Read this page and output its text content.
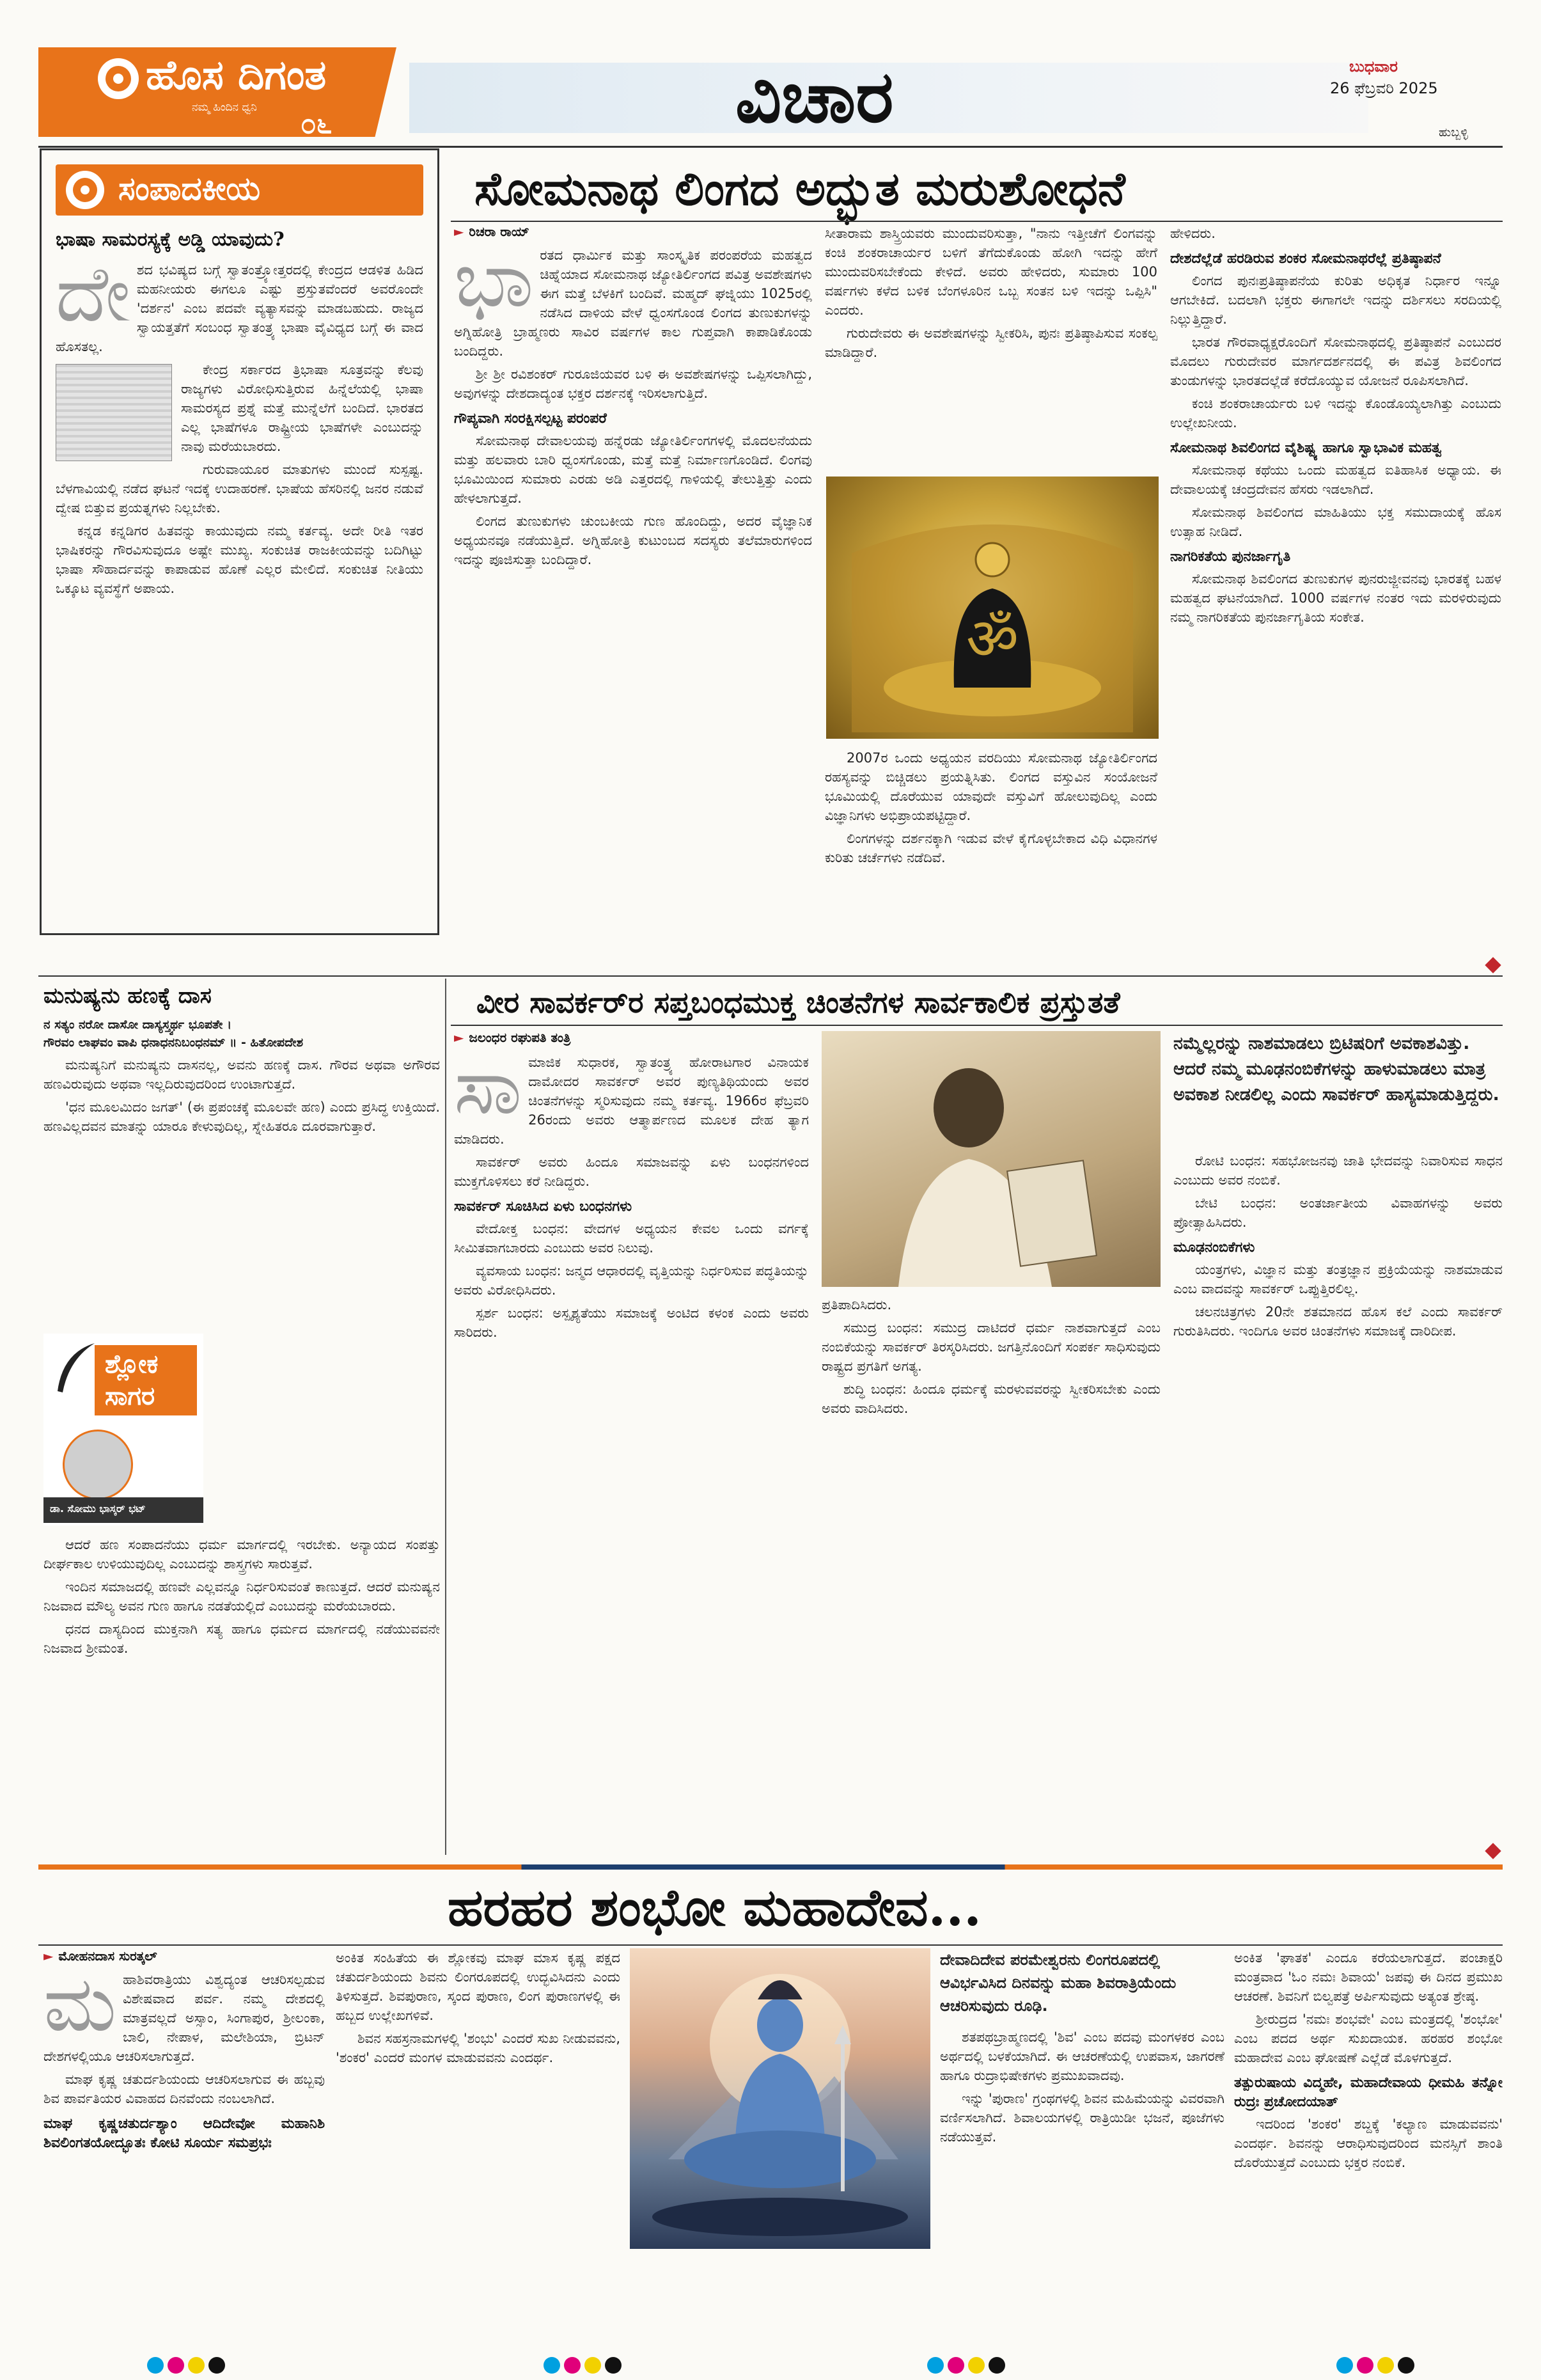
ಹೊಸ ದಿಗಂತ
ನಮ್ಮ ಹಿಂದಿನ ಧ್ವನಿ ೦೬	ವಿಚಾರ	ಬುಧವಾರ
26 ಫೆಬ್ರವರಿ 2025
ಹುಬ್ಬಳ್ಳಿ
ಸಂಪಾದಕೀಯ
ಭಾಷಾ ಸಾಮರಸ್ಯಕ್ಕೆ ಅಡ್ಡಿ ಯಾವುದು?
ದೇ ಶದ ಭವಿಷ್ಯದ ಬಗ್ಗೆ ಸ್ವಾತಂತ್ರ್ಯೋತ್ತರದಲ್ಲಿ ಕೇಂದ್ರದ ಆಡಳಿತ ಹಿಡಿದ ಮಹನೀಯರು ಈಗಲೂ ಎಷ್ಟು ಪ್ರಸ್ತುತವೆಂದರೆ ಅವರೊಂದೇ 'ದರ್ಶನ' ಎಂಬ ಪದವೇ ವ್ಯತ್ಯಾಸವನ್ನು ಮಾಡಬಹುದು. ರಾಜ್ಯದ ಸ್ವಾಯತ್ತತೆಗೆ ಸಂಬಂಧ ಸ್ವಾತಂತ್ರ್ಯ ಭಾಷಾ ವೈವಿಧ್ಯದ ಬಗ್ಗೆ ಈ ವಾದ ಹೊಸತಲ್ಲ.

ಕೇಂದ್ರ ಸರ್ಕಾರದ ತ್ರಿಭಾಷಾ ಸೂತ್ರವನ್ನು ಕೆಲವು ರಾಜ್ಯಗಳು ವಿರೋಧಿಸುತ್ತಿರುವ ಹಿನ್ನೆಲೆಯಲ್ಲಿ ಭಾಷಾ ಸಾಮರಸ್ಯದ ಪ್ರಶ್ನೆ ಮತ್ತೆ ಮುನ್ನೆಲೆಗೆ ಬಂದಿದೆ. ಭಾರತದ ಎಲ್ಲ ಭಾಷೆಗಳೂ ರಾಷ್ಟ್ರೀಯ ಭಾಷೆಗಳೇ ಎಂಬುದನ್ನು ನಾವು ಮರೆಯಬಾರದು.

ಗುರುವಾಯೂರ ಮಾತುಗಳು ಮುಂದೆ ಸುಸ್ಪಷ್ಟ. ಬೆಳಗಾವಿಯಲ್ಲಿ ನಡೆದ ಘಟನೆ ಇದಕ್ಕೆ ಉದಾಹರಣೆ. ಭಾಷೆಯ ಹೆಸರಿನಲ್ಲಿ ಜನರ ನಡುವೆ ದ್ವೇಷ ಬಿತ್ತುವ ಪ್ರಯತ್ನಗಳು ನಿಲ್ಲಬೇಕು.

ಕನ್ನಡ ಕನ್ನಡಿಗರ ಹಿತವನ್ನು ಕಾಯುವುದು ನಮ್ಮ ಕರ್ತವ್ಯ. ಅದೇ ರೀತಿ ಇತರ ಭಾಷಿಕರನ್ನು ಗೌರವಿಸುವುದೂ ಅಷ್ಟೇ ಮುಖ್ಯ. ಸಂಕುಚಿತ ರಾಜಕೀಯವನ್ನು ಬದಿಗಿಟ್ಟು ಭಾಷಾ ಸೌಹಾರ್ದವನ್ನು ಕಾಪಾಡುವ ಹೊಣೆ ಎಲ್ಲರ ಮೇಲಿದೆ. ಸಂಕುಚಿತ ನೀತಿಯು ಒಕ್ಕೂಟ ವ್ಯವಸ್ಥೆಗೆ ಅಪಾಯ.

ಸೋಮನಾಥ ಲಿಂಗದ ಅದ್ಭುತ ಮರುಶೋಧನೆ
► ರಿಚರಾ ರಾಯ್
ಭಾ ರತದ ಧಾರ್ಮಿಕ ಮತ್ತು ಸಾಂಸ್ಕೃತಿಕ ಪರಂಪರೆಯ ಮಹತ್ವದ ಚಿಹ್ನೆಯಾದ ಸೋಮನಾಥ ಜ್ಯೋತಿರ್ಲಿಂಗದ ಪವಿತ್ರ ಅವಶೇಷಗಳು ಈಗ ಮತ್ತೆ ಬೆಳಕಿಗೆ ಬಂದಿವೆ. ಮಹ್ಮದ್ ಘಜ್ನಿಯು 1025ರಲ್ಲಿ ನಡೆಸಿದ ದಾಳಿಯ ವೇಳೆ ಧ್ವಂಸಗೊಂಡ ಲಿಂಗದ ತುಣುಕುಗಳನ್ನು ಅಗ್ನಿಹೋತ್ರಿ ಬ್ರಾಹ್ಮಣರು ಸಾವಿರ ವರ್ಷಗಳ ಕಾಲ ಗುಪ್ತವಾಗಿ ಕಾಪಾಡಿಕೊಂಡು ಬಂದಿದ್ದರು.

ಶ್ರೀ ಶ್ರೀ ರವಿಶಂಕರ್ ಗುರೂಜಿಯವರ ಬಳಿ ಈ ಅವಶೇಷಗಳನ್ನು ಒಪ್ಪಿಸಲಾಗಿದ್ದು, ಅವುಗಳನ್ನು ದೇಶದಾದ್ಯಂತ ಭಕ್ತರ ದರ್ಶನಕ್ಕೆ ಇರಿಸಲಾಗುತ್ತಿದೆ.

ಗೌಪ್ಯವಾಗಿ ಸಂರಕ್ಷಿಸಲ್ಪಟ್ಟ ಪರಂಪರೆ

ಸೋಮನಾಥ ದೇವಾಲಯವು ಹನ್ನೆರಡು ಜ್ಯೋತಿರ್ಲಿಂಗಗಳಲ್ಲಿ ಮೊದಲನೆಯದು ಮತ್ತು ಹಲವಾರು ಬಾರಿ ಧ್ವಂಸಗೊಂಡು, ಮತ್ತೆ ಮತ್ತೆ ನಿರ್ಮಾಣಗೊಂಡಿದೆ. ಲಿಂಗವು ಭೂಮಿಯಿಂದ ಸುಮಾರು ಎರಡು ಅಡಿ ಎತ್ತರದಲ್ಲಿ ಗಾಳಿಯಲ್ಲಿ ತೇಲುತ್ತಿತ್ತು ಎಂದು ಹೇಳಲಾಗುತ್ತದೆ.

ಲಿಂಗದ ತುಣುಕುಗಳು ಚುಂಬಕೀಯ ಗುಣ ಹೊಂದಿದ್ದು, ಅದರ ವೈಜ್ಞಾನಿಕ ಅಧ್ಯಯನವೂ ನಡೆಯುತ್ತಿದೆ. ಅಗ್ನಿಹೋತ್ರಿ ಕುಟುಂಬದ ಸದಸ್ಯರು ತಲೆಮಾರುಗಳಿಂದ ಇದನ್ನು ಪೂಜಿಸುತ್ತಾ ಬಂದಿದ್ದಾರೆ.

ಸೀತಾರಾಮ ಶಾಸ್ತ್ರಿಯವರು ಮುಂದುವರಿಸುತ್ತಾ, "ನಾನು ಇತ್ತೀಚೆಗೆ ಲಿಂಗವನ್ನು ಕಂಚಿ ಶಂಕರಾಚಾರ್ಯರ ಬಳಿಗೆ ತೆಗೆದುಕೊಂಡು ಹೋಗಿ ಇದನ್ನು ಹೇಗೆ ಮುಂದುವರಿಸಬೇಕೆಂದು ಕೇಳಿದೆ. ಅವರು ಹೇಳಿದರು, ಸುಮಾರು 100 ವರ್ಷಗಳು ಕಳೆದ ಬಳಿಕ ಬೆಂಗಳೂರಿನ ಒಬ್ಬ ಸಂತನ ಬಳಿ ಇದನ್ನು ಒಪ್ಪಿಸಿ" ಎಂದರು.

ಗುರುದೇವರು ಈ ಅವಶೇಷಗಳನ್ನು ಸ್ವೀಕರಿಸಿ, ಪುನಃ ಪ್ರತಿಷ್ಠಾಪಿಸುವ ಸಂಕಲ್ಪ ಮಾಡಿದ್ದಾರೆ.

ॐ

2007ರ ಒಂದು ಅಧ್ಯಯನ ವರದಿಯು ಸೋಮನಾಥ ಜ್ಯೋತಿರ್ಲಿಂಗದ ರಹಸ್ಯವನ್ನು ಬಿಚ್ಚಿಡಲು ಪ್ರಯತ್ನಿಸಿತು. ಲಿಂಗದ ವಸ್ತುವಿನ ಸಂಯೋಜನೆ ಭೂಮಿಯಲ್ಲಿ ದೊರೆಯುವ ಯಾವುದೇ ವಸ್ತುವಿಗೆ ಹೋಲುವುದಿಲ್ಲ ಎಂದು ವಿಜ್ಞಾನಿಗಳು ಅಭಿಪ್ರಾಯಪಟ್ಟಿದ್ದಾರೆ.

ಲಿಂಗಗಳನ್ನು ದರ್ಶನಕ್ಕಾಗಿ ಇಡುವ ವೇಳೆ ಕೈಗೊಳ್ಳಬೇಕಾದ ವಿಧಿ ವಿಧಾನಗಳ ಕುರಿತು ಚರ್ಚೆಗಳು ನಡೆದಿವೆ.

ಹೇಳಿದರು.

ದೇಶದೆಲ್ಲೆಡೆ ಹರಡಿರುವ ಶಂಕರ ಸೋಮನಾಥರೆಲ್ಲೆ ಪ್ರತಿಷ್ಠಾಪನೆ

ಲಿಂಗದ ಪುನಃಪ್ರತಿಷ್ಠಾಪನೆಯ ಕುರಿತು ಅಧಿಕೃತ ನಿರ್ಧಾರ ಇನ್ನೂ ಆಗಬೇಕಿದೆ. ಬದಲಾಗಿ ಭಕ್ತರು ಈಗಾಗಲೇ ಇದನ್ನು ದರ್ಶಿಸಲು ಸರದಿಯಲ್ಲಿ ನಿಲ್ಲುತ್ತಿದ್ದಾರೆ.

ಭಾರತ ಗೌರವಾಧ್ಯಕ್ಷರೊಂದಿಗೆ ಸೋಮನಾಥದಲ್ಲಿ ಪ್ರತಿಷ್ಠಾಪನೆ ಎಂಬುದರ ಮೊದಲು ಗುರುದೇವರ ಮಾರ್ಗದರ್ಶನದಲ್ಲಿ ಈ ಪವಿತ್ರ ಶಿವಲಿಂಗದ ತುಂಡುಗಳನ್ನು ಭಾರತದಲ್ಲೆಡೆ ಕರೆದೊಯ್ಯುವ ಯೋಜನೆ ರೂಪಿಸಲಾಗಿದೆ.

ಕಂಚಿ ಶಂಕರಾಚಾರ್ಯರು ಬಳಿ ಇದನ್ನು ಕೊಂಡೊಯ್ಯಲಾಗಿತ್ತು ಎಂಬುದು ಉಲ್ಲೇಖನೀಯ.

ಸೋಮನಾಥ ಶಿವಲಿಂಗದ ವೈಶಿಷ್ಟ್ಯ ಹಾಗೂ ಸ್ವಾಭಾವಿಕ ಮಹತ್ವ

ಸೋಮನಾಥ ಕಥೆಯು ಒಂದು ಮಹತ್ವದ ಐತಿಹಾಸಿಕ ಅಧ್ಯಾಯ. ಈ ದೇವಾಲಯಕ್ಕೆ ಚಂದ್ರದೇವನ ಹೆಸರು ಇಡಲಾಗಿದೆ.

ಸೋಮನಾಥ ಶಿವಲಿಂಗದ ಮಾಹಿತಿಯು ಭಕ್ತ ಸಮುದಾಯಕ್ಕೆ ಹೊಸ ಉತ್ಸಾಹ ನೀಡಿದೆ.

ನಾಗರಿಕತೆಯ ಪುನರ್ಜಾಗೃತಿ

ಸೋಮನಾಥ ಶಿವಲಿಂಗದ ತುಣುಕುಗಳ ಪುನರುಜ್ಜೀವನವು ಭಾರತಕ್ಕೆ ಬಹಳ ಮಹತ್ವದ ಘಟನೆಯಾಗಿದೆ. 1000 ವರ್ಷಗಳ ನಂತರ ಇದು ಮರಳಿರುವುದು ನಮ್ಮ ನಾಗರಿಕತೆಯ ಪುನರ್ಜಾಗೃತಿಯ ಸಂಕೇತ.

ಮನುಷ್ಯನು ಹಣಕ್ಕೆ ದಾಸ
ನ ಸತ್ಯಂ ನರೋ ದಾಸೋ ದಾಸ್ಯಸ್ತ್ವರ್ಥ ಭೂಪತೇ ।
ಗೌರವಂ ಲಾಘವಂ ವಾಪಿ ಧನಾಧನನಿಬಂಧನಮ್ ॥ - ಹಿತೋಪದೇಶ

ಮನುಷ್ಯನಿಗೆ ಮನುಷ್ಯನು ದಾಸನಲ್ಲ, ಅವನು ಹಣಕ್ಕೆ ದಾಸ. ಗೌರವ ಅಥವಾ ಅಗೌರವ ಹಣವಿರುವುದು ಅಥವಾ ಇಲ್ಲದಿರುವುದರಿಂದ ಉಂಟಾಗುತ್ತದೆ.

'ಧನ ಮೂಲಮಿದಂ ಜಗತ್' (ಈ ಪ್ರಪಂಚಕ್ಕೆ ಮೂಲವೇ ಹಣ) ಎಂದು ಪ್ರಸಿದ್ಧ ಉಕ್ತಿಯಿದೆ. ಹಣವಿಲ್ಲದವನ ಮಾತನ್ನು ಯಾರೂ ಕೇಳುವುದಿಲ್ಲ, ಸ್ನೇಹಿತರೂ ದೂರವಾಗುತ್ತಾರೆ.

ಶ್ಲೋಕ
ಸಾಗರ
ಡಾ. ಸೋಮು ಭಾಸ್ಕರ್ ಭಟ್

ಆದರೆ ಹಣ ಸಂಪಾದನೆಯು ಧರ್ಮ ಮಾರ್ಗದಲ್ಲಿ ಇರಬೇಕು. ಅನ್ಯಾಯದ ಸಂಪತ್ತು ದೀರ್ಘಕಾಲ ಉಳಿಯುವುದಿಲ್ಲ ಎಂಬುದನ್ನು ಶಾಸ್ತ್ರಗಳು ಸಾರುತ್ತವೆ.

ಇಂದಿನ ಸಮಾಜದಲ್ಲಿ ಹಣವೇ ಎಲ್ಲವನ್ನೂ ನಿರ್ಧರಿಸುವಂತೆ ಕಾಣುತ್ತದೆ. ಆದರೆ ಮನುಷ್ಯನ ನಿಜವಾದ ಮೌಲ್ಯ ಅವನ ಗುಣ ಹಾಗೂ ನಡತೆಯಲ್ಲಿದೆ ಎಂಬುದನ್ನು ಮರೆಯಬಾರದು.

ಧನದ ದಾಸ್ಯದಿಂದ ಮುಕ್ತನಾಗಿ ಸತ್ಯ ಹಾಗೂ ಧರ್ಮದ ಮಾರ್ಗದಲ್ಲಿ ನಡೆಯುವವನೇ ನಿಜವಾದ ಶ್ರೀಮಂತ.

ವೀರ ಸಾವರ್ಕರ್‌ರ ಸಪ್ತಬಂಧಮುಕ್ತ ಚಿಂತನೆಗಳ ಸಾರ್ವಕಾಲಿಕ ಪ್ರಸ್ತುತತೆ
► ಜಲಂಧರ ರಘುಪತಿ ತಂತ್ರಿ
ಸಾ ಮಾಜಿಕ ಸುಧಾರಕ, ಸ್ವಾತಂತ್ರ್ಯ ಹೋರಾಟಗಾರ ವಿನಾಯಕ ದಾಮೋದರ ಸಾವರ್ಕರ್ ಅವರ ಪುಣ್ಯತಿಥಿಯಂದು ಅವರ ಚಿಂತನೆಗಳನ್ನು ಸ್ಮರಿಸುವುದು ನಮ್ಮ ಕರ್ತವ್ಯ. 1966ರ ಫೆಬ್ರವರಿ 26ರಂದು ಅವರು ಆತ್ಮಾರ್ಪಣದ ಮೂಲಕ ದೇಹ ತ್ಯಾಗ ಮಾಡಿದರು.

ಸಾವರ್ಕರ್ ಅವರು ಹಿಂದೂ ಸಮಾಜವನ್ನು ಏಳು ಬಂಧನಗಳಿಂದ ಮುಕ್ತಗೊಳಿಸಲು ಕರೆ ನೀಡಿದ್ದರು.

ಸಾವರ್ಕರ್ ಸೂಚಿಸಿದ ಏಳು ಬಂಧನಗಳು

ವೇದೋಕ್ತ ಬಂಧನ: ವೇದಗಳ ಅಧ್ಯಯನ ಕೇವಲ ಒಂದು ವರ್ಗಕ್ಕೆ ಸೀಮಿತವಾಗಬಾರದು ಎಂಬುದು ಅವರ ನಿಲುವು.

ವ್ಯವಸಾಯ ಬಂಧನ: ಜನ್ಮದ ಆಧಾರದಲ್ಲಿ ವೃತ್ತಿಯನ್ನು ನಿರ್ಧರಿಸುವ ಪದ್ಧತಿಯನ್ನು ಅವರು ವಿರೋಧಿಸಿದರು.

ಸ್ಪರ್ಶ ಬಂಧನ: ಅಸ್ಪೃಶ್ಯತೆಯು ಸಮಾಜಕ್ಕೆ ಅಂಟಿದ ಕಳಂಕ ಎಂದು ಅವರು ಸಾರಿದರು.

ಪ್ರತಿಪಾದಿಸಿದರು.

ಸಮುದ್ರ ಬಂಧನ: ಸಮುದ್ರ ದಾಟಿದರೆ ಧರ್ಮ ನಾಶವಾಗುತ್ತದೆ ಎಂಬ ನಂಬಿಕೆಯನ್ನು ಸಾವರ್ಕರ್ ತಿರಸ್ಕರಿಸಿದರು. ಜಗತ್ತಿನೊಂದಿಗೆ ಸಂಪರ್ಕ ಸಾಧಿಸುವುದು ರಾಷ್ಟ್ರದ ಪ್ರಗತಿಗೆ ಅಗತ್ಯ.

ಶುದ್ಧಿ ಬಂಧನ: ಹಿಂದೂ ಧರ್ಮಕ್ಕೆ ಮರಳುವವರನ್ನು ಸ್ವೀಕರಿಸಬೇಕು ಎಂದು ಅವರು ವಾದಿಸಿದರು.

ನಮ್ಮೆಲ್ಲರನ್ನು ನಾಶಮಾಡಲು ಬ್ರಿಟಿಷರಿಗೆ ಅವಕಾಶವಿತ್ತು. ಆದರೆ ನಮ್ಮ ಮೂಢನಂಬಿಕೆಗಳನ್ನು ಹಾಳುಮಾಡಲು ಮಾತ್ರ ಅವಕಾಶ ನೀಡಲಿಲ್ಲ ಎಂದು ಸಾವರ್ಕರ್ ಹಾಸ್ಯಮಾಡುತ್ತಿದ್ದರು.

ರೋಟಿ ಬಂಧನ: ಸಹಭೋಜನವು ಜಾತಿ ಭೇದವನ್ನು ನಿವಾರಿಸುವ ಸಾಧನ ಎಂಬುದು ಅವರ ನಂಬಿಕೆ.

ಬೇಟಿ ಬಂಧನ: ಅಂತರ್ಜಾತೀಯ ವಿವಾಹಗಳನ್ನು ಅವರು ಪ್ರೋತ್ಸಾಹಿಸಿದರು.

ಮೂಢನಂಬಿಕೆಗಳು

ಯಂತ್ರಗಳು, ವಿಜ್ಞಾನ ಮತ್ತು ತಂತ್ರಜ್ಞಾನ ಪ್ರಕ್ರಿಯೆಯನ್ನು ನಾಶಮಾಡುವ ಎಂಬ ವಾದವನ್ನು ಸಾವರ್ಕರ್ ಒಪ್ಪುತ್ತಿರಲಿಲ್ಲ.

ಚಲನಚಿತ್ರಗಳು 20ನೇ ಶತಮಾನದ ಹೊಸ ಕಲೆ ಎಂದು ಸಾವರ್ಕರ್ ಗುರುತಿಸಿದರು. ಇಂದಿಗೂ ಅವರ ಚಿಂತನೆಗಳು ಸಮಾಜಕ್ಕೆ ದಾರಿದೀಪ.

ಹರಹರ ಶಂಭೋ ಮಹಾದೇವ...
► ಮೋಹನದಾಸ ಸುರತ್ಕಲ್
ಮ ಹಾಶಿವರಾತ್ರಿಯು ವಿಶ್ವದ್ಯಂತ ಆಚರಿಸಲ್ಪಡುವ ವಿಶೇಷವಾದ ಪರ್ವ. ನಮ್ಮ ದೇಶದಲ್ಲಿ ಮಾತ್ರವಲ್ಲದೆ ಅಸ್ಸಾಂ, ಸಿಂಗಾಪುರ, ಶ್ರೀಲಂಕಾ, ಬಾಲಿ, ನೇಪಾಳ, ಮಲೇಶಿಯಾ, ಬ್ರಿಟನ್ ದೇಶಗಳಲ್ಲಿಯೂ ಆಚರಿಸಲಾಗುತ್ತದೆ.

ಮಾಘ ಕೃಷ್ಣ ಚತುರ್ದಶಿಯಂದು ಆಚರಿಸಲಾಗುವ ಈ ಹಬ್ಬವು ಶಿವ ಪಾರ್ವತಿಯರ ವಿವಾಹದ ದಿನವೆಂದು ನಂಬಲಾಗಿದೆ.

ಮಾಘ ಕೃಷ್ಣಚತುರ್ದಶ್ಯಾಂ ಆದಿದೇವೋ ಮಹಾನಿಶಿ ಶಿವಲಿಂಗತಯೋದ್ಭೂತಃ ಕೋಟಿ ಸೂರ್ಯ ಸಮಪ್ರಭಃ

ಅಂಕಿತ ಸಂಹಿತೆಯ ಈ ಶ್ಲೋಕವು ಮಾಘ ಮಾಸ ಕೃಷ್ಣ ಪಕ್ಷದ ಚತುರ್ದಶಿಯಂದು ಶಿವನು ಲಿಂಗರೂಪದಲ್ಲಿ ಉದ್ಭವಿಸಿದನು ಎಂದು ತಿಳಿಸುತ್ತದೆ. ಶಿವಪುರಾಣ, ಸ್ಕಂದ ಪುರಾಣ, ಲಿಂಗ ಪುರಾಣಗಳಲ್ಲಿ ಈ ಹಬ್ಬದ ಉಲ್ಲೇಖಗಳಿವೆ.

ಶಿವನ ಸಹಸ್ರನಾಮಗಳಲ್ಲಿ 'ಶಂಭು' ಎಂದರೆ ಸುಖ ನೀಡುವವನು, 'ಶಂಕರ' ಎಂದರೆ ಮಂಗಳ ಮಾಡುವವನು ಎಂದರ್ಥ.

ದೇವಾದಿದೇವ ಪರಮೇಶ್ವರನು ಲಿಂಗರೂಪದಲ್ಲಿ ಆವಿರ್ಭವಿಸಿದ ದಿನವನ್ನು ಮಹಾ ಶಿವರಾತ್ರಿಯೆಂದು ಆಚರಿಸುವುದು ರೂಢಿ.

ಶತಪಥಬ್ರಾಹ್ಮಣದಲ್ಲಿ 'ಶಿವ' ಎಂಬ ಪದವು ಮಂಗಳಕರ ಎಂಬ ಅರ್ಥದಲ್ಲಿ ಬಳಕೆಯಾಗಿದೆ. ಈ ಆಚರಣೆಯಲ್ಲಿ ಉಪವಾಸ, ಜಾಗರಣೆ ಹಾಗೂ ರುದ್ರಾಭಿಷೇಕಗಳು ಪ್ರಮುಖವಾದವು.

ಇನ್ನು 'ಪುರಾಣ' ಗ್ರಂಥಗಳಲ್ಲಿ ಶಿವನ ಮಹಿಮೆಯನ್ನು ವಿವರವಾಗಿ ವರ್ಣಿಸಲಾಗಿದೆ. ಶಿವಾಲಯಗಳಲ್ಲಿ ರಾತ್ರಿಯಿಡೀ ಭಜನೆ, ಪೂಜೆಗಳು ನಡೆಯುತ್ತವೆ.

ಅಂಕಿತ 'ಘಾತಕ' ಎಂದೂ ಕರೆಯಲಾಗುತ್ತದೆ. ಪಂಚಾಕ್ಷರಿ ಮಂತ್ರವಾದ 'ಓಂ ನಮಃ ಶಿವಾಯ' ಜಪವು ಈ ದಿನದ ಪ್ರಮುಖ ಆಚರಣೆ. ಶಿವನಿಗೆ ಬಿಲ್ವಪತ್ರೆ ಅರ್ಪಿಸುವುದು ಅತ್ಯಂತ ಶ್ರೇಷ್ಠ.

ಶ್ರೀರುದ್ರದ 'ನಮಃ ಶಂಭವೇ' ಎಂಬ ಮಂತ್ರದಲ್ಲಿ 'ಶಂಭೋ' ಎಂಬ ಪದದ ಅರ್ಥ ಸುಖದಾಯಕ. ಹರಹರ ಶಂಭೋ ಮಹಾದೇವ ಎಂಬ ಘೋಷಣೆ ಎಲ್ಲೆಡೆ ಮೊಳಗುತ್ತದೆ.

ತತ್ಪುರುಷಾಯ ವಿದ್ಮಹೇ, ಮಹಾದೇವಾಯ ಧೀಮಹಿ ತನ್ನೋ ರುದ್ರಃ ಪ್ರಚೋದಯಾತ್

ಇದರಿಂದ 'ಶಂಕರ' ಶಬ್ದಕ್ಕೆ 'ಕಲ್ಯಾಣ ಮಾಡುವವನು' ಎಂದರ್ಥ. ಶಿವನನ್ನು ಆರಾಧಿಸುವುದರಿಂದ ಮನಸ್ಸಿಗೆ ಶಾಂತಿ ದೊರೆಯುತ್ತದೆ ಎಂಬುದು ಭಕ್ತರ ನಂಬಿಕೆ.
